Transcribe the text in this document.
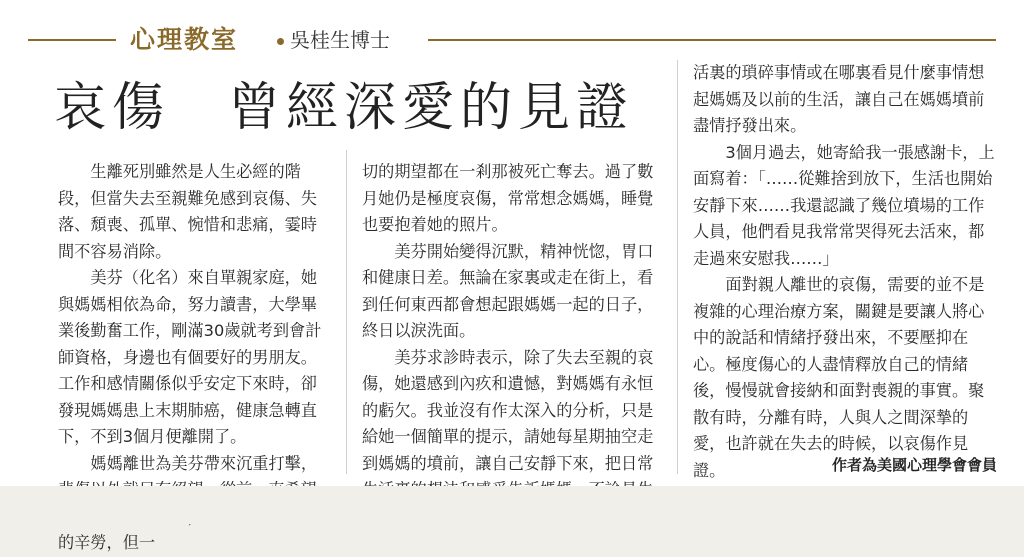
心理教室	吳桂生博士
哀傷　曾經深愛的見證

生離死別雖然是人生必經的階段，但當失去至親難免感到哀傷、失落、頹喪、孤單、惋惜和悲痛，霎時間不容易消除。

美芬（化名）來自單親家庭，她與媽媽相依為命，努力讀書，大學畢業後勤奮工作，剛滿30歲就考到會計師資格，身邊也有個要好的男朋友。工作和感情關係似乎安定下來時，卻發現媽媽患上末期肺癌，健康急轉直下，不到3個月便離開了。

媽媽離世為美芬帶來沉重打擊， 的辛勞，但一

切的期望都在一剎那被死亡奪去。過了數月她仍是極度哀傷，常常想念媽媽，睡覺也要抱着她的照片。

美芬開始變得沉默，精神恍惚，胃口和健康日差。無論在家裏或走在街上，看到任何東西都會想起跟媽媽一起的日子，終日以淚洗面。

美芬求診時表示，除了失去至親的哀傷，她還感到內疚和遺憾，對媽媽有永恒的虧欠。我並沒有作太深入的分析，只是給她一個簡單的提示，請她每星期抽空走到媽媽的墳前，讓自己安靜下來，把日常

活裏的瑣碎事情或在哪裏看見什麼事情想起媽媽及以前的生活，讓自己在媽媽墳前盡情抒發出來。

3個月過去，她寄給我一張感謝卡，上面寫着：「……從難捨到放下，生活也開始安靜下來……我還認識了幾位墳場的工作人員，他們看見我常常哭得死去活來，都走過來安慰我……」

面對親人離世的哀傷，需要的並不是複雜的心理治療方案，關鍵是要讓人將心中的說話和情緒抒發出來，不要壓抑在心。極度傷心的人盡情釋放自己的情緒後，慢慢就會接納和面對喪親的事實。聚散有時，分離有時，人與人之間深摯的愛，也許就在失去的時候，以哀傷作見證。	作者為美國心理學會會員
